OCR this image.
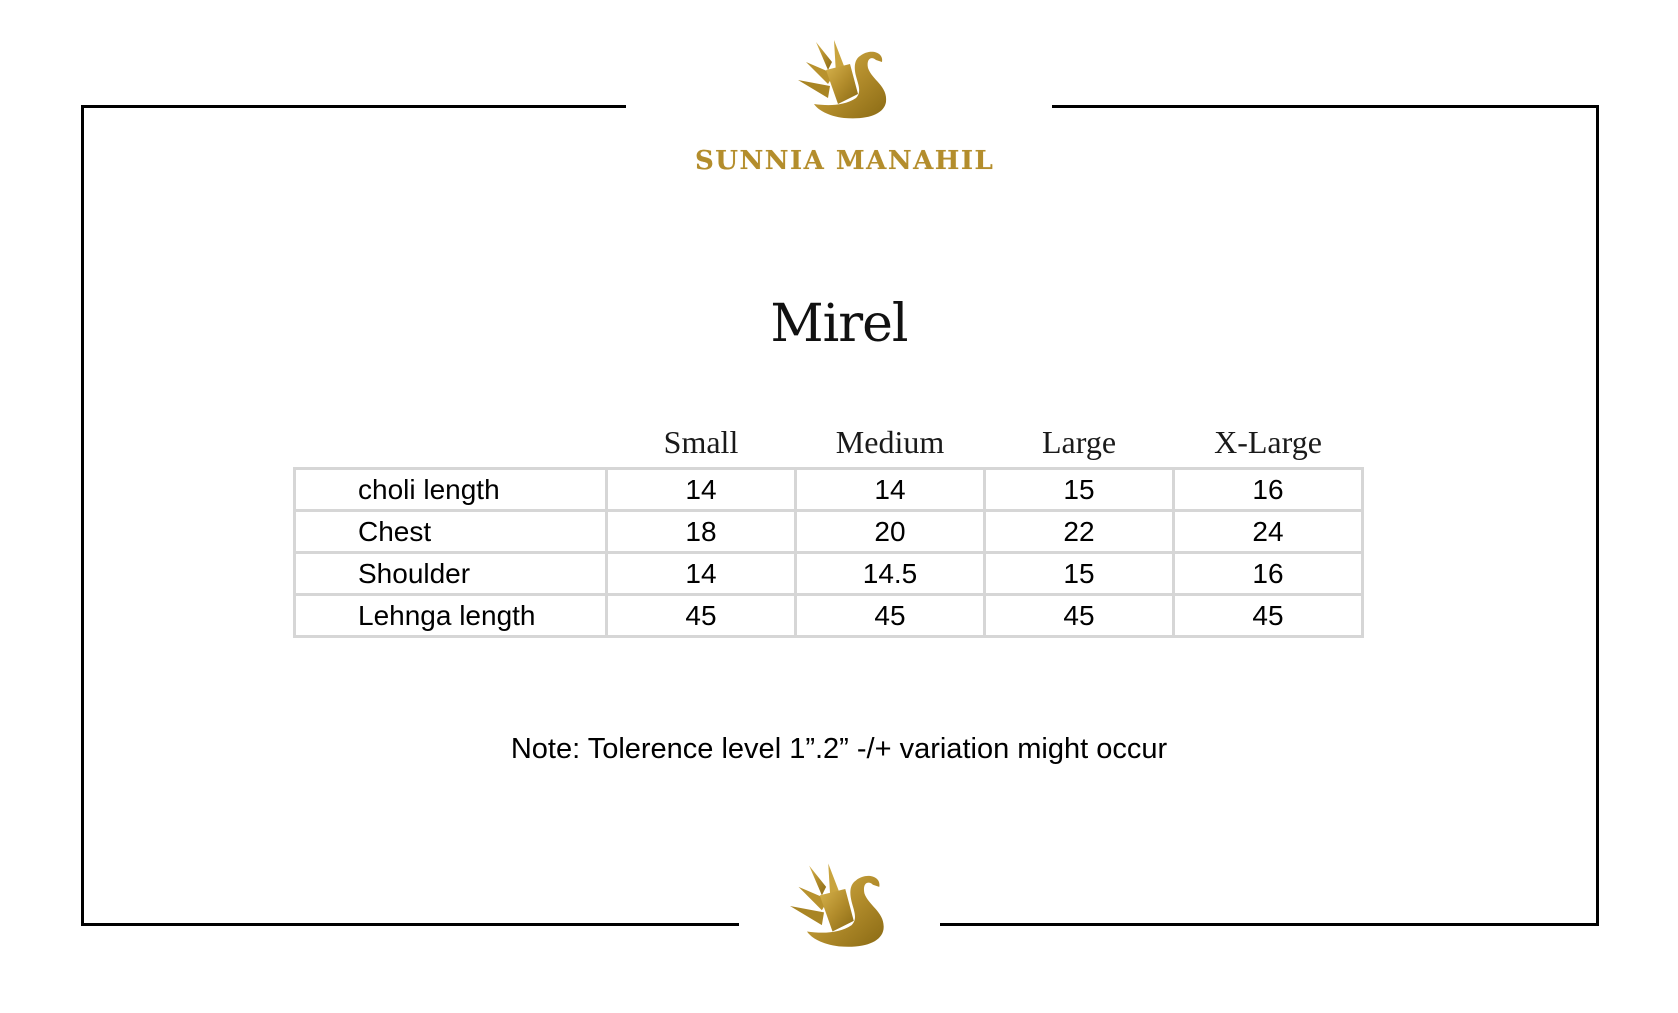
SUNNIA MANAHIL
Mirel
	Small	Medium	Large	X-Large
choli length	14	14	15	16
Chest	18	20	22	24
Shoulder	14	14.5	15	16
Lehnga length	45	45	45	45
Note: Tolerence level 1”.2” -/+ variation might occur
